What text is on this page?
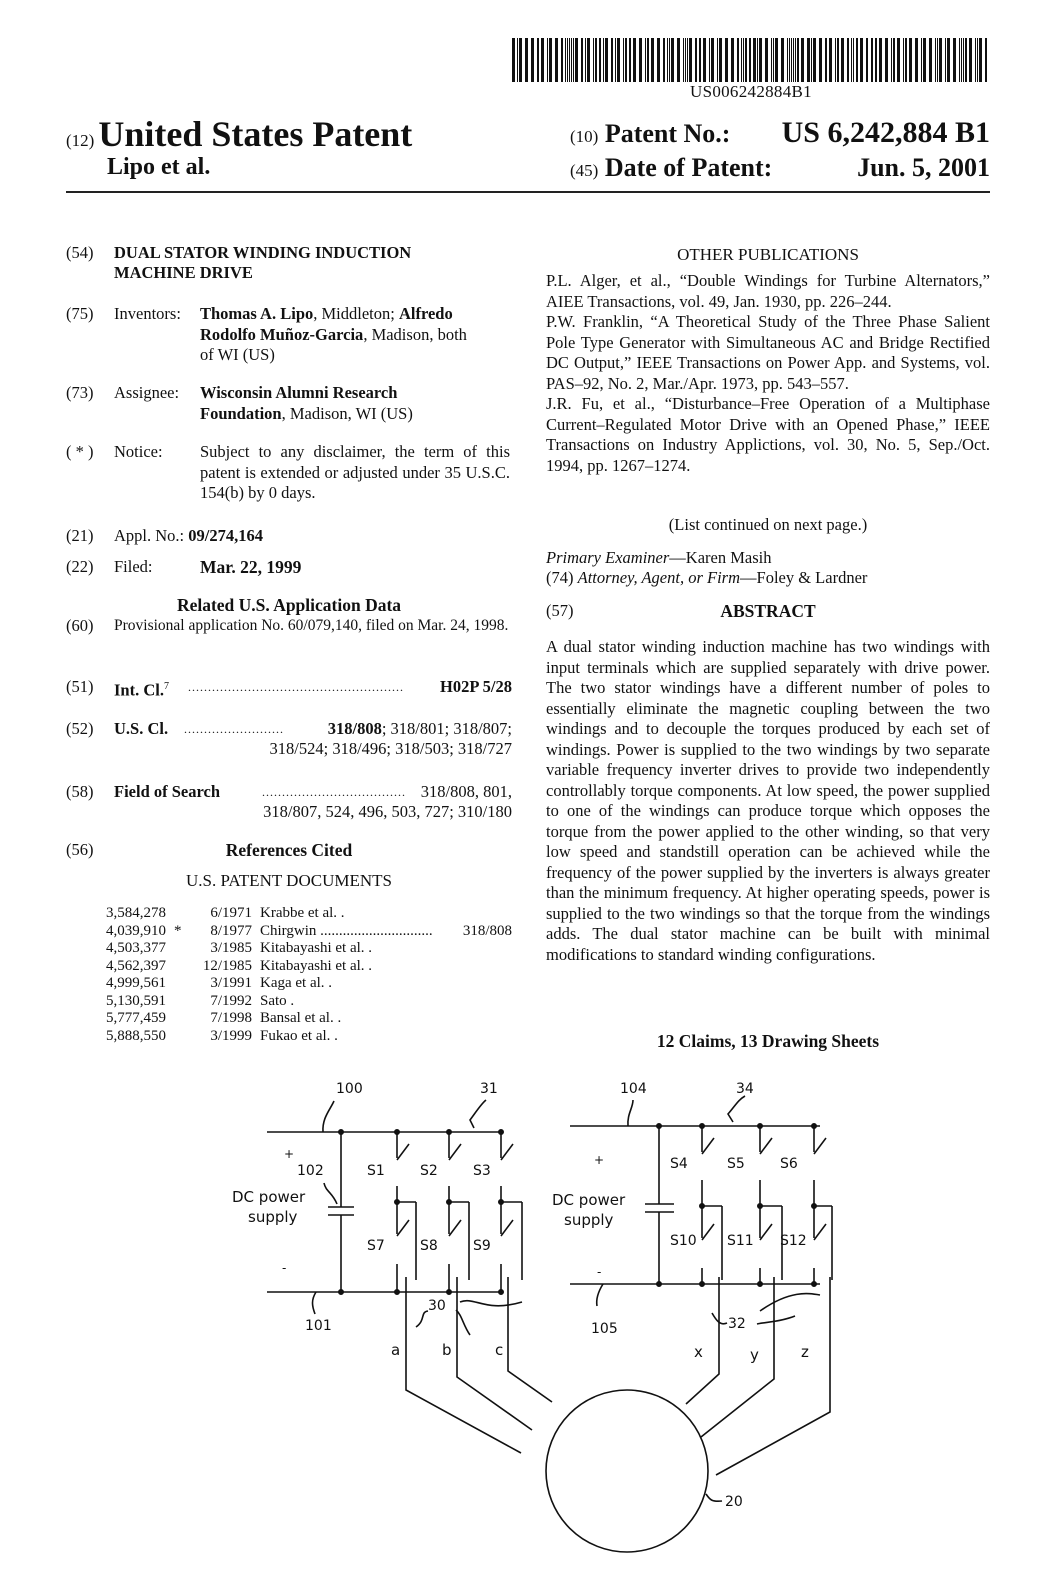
US006242884B1
(12) United States Patent
Lipo et al.
(10) Patent No.: US 6,242,884 B1
(45) Date of Patent:	Jun. 5, 2001
(54) DUAL STATOR WINDING INDUCTION
MACHINE DRIVE
(75) Inventors: Thomas A. Lipo, Middleton; Alfredo
Rodolfo Muñoz-Garcia, Madison, both
of WI (US)
(73) Assignee: Wisconsin Alumni Research
Foundation, Madison, WI (US)
( * ) Notice: Subject to any disclaimer, the term of this patent is extended or adjusted under 35 U.S.C. 154(b) by 0 days.
(21) Appl. No.: 09/274,164
(22) Filed:	Mar. 22, 1999
Related U.S. Application Data
(60) Provisional application No. 60/079,140, filed on Mar. 24, 1998.
(51) Int. Cl.$^7$ ...................................................... H02P 5/28
(52) U.S. Cl. .........................	318/808; 318/801; 318/807;
318/524; 318/496; 318/503; 318/727
(58) Field of Search	.................................... 318/808, 801,
318/807, 524, 496, 503, 727; 310/180
(56)	References Cited
U.S. PATENT DOCUMENTS
3,584,278	6/1971 Krabbe et al. .
4,039,910 *	8/1977 Chirgwin .............................. 318/808
4,503,377	3/1985 Kitabayashi et al. .
4,562,397	12/1985 Kitabayashi et al. .
4,999,561	3/1991 Kaga et al. .
5,130,591	7/1992 Sato .
5,777,459	7/1998 Bansal et al. .
5,888,550	3/1999 Fukao et al. .
OTHER PUBLICATIONS
P.L. Alger, et al., “Double Windings for Turbine Alternators,” AIEE Transactions, vol. 49, Jan. 1930, pp. 226–244.
P.W. Franklin, “A Theoretical Study of the Three Phase Salient Pole Type Generator with Simultaneous AC and Bridge Rectified DC Output,” IEEE Transactions on Power App. and Systems, vol. PAS–92, No. 2, Mar./Apr. 1973, pp. 543–557.
J.R. Fu, et al., “Disturbance–Free Operation of a Multiphase Current–Regulated Motor Drive with an Opened Phase,” IEEE Transactions on Industry Applictions, vol. 30, No. 5, Sep./Oct. 1994, pp. 1267–1274.
(List continued on next page.)
Primary Examiner—Karen Masih
(74) Attorney, Agent, or Firm—Foley & Lardner
(57)	ABSTRACT
A dual stator winding induction machine has two windings with input terminals which are supplied separately with drive power. The two stator windings have a different number of poles to essentially eliminate the magnetic coupling between the two windings and to decouple the torques produced by each set of windings. Power is supplied to the two windings by two separate variable frequency inverter drives to provide two independently controllably torque components. At low speed, the power supplied to one of the windings can produce torque which opposes the torque from the power applied to the other winding, so that very low speed and standstill operation can be achieved while the frequency of the power supplied by the inverters is always greater than the minimum frequency. At higher operating speeds, power is supplied to the two windings so that the torque from the windings adds. The dual stator machine can be built with minimal modifications to standard winding configurations.
12 Claims, 13 Drawing Sheets
100	31
+
102
DC power
supply
-
101
S1	S2	S3
S7	S8	S9
30
a	b	c
104	34
+
DC power
supply
-
105
S4	S5	S6
S10 S11 S12
32
x	y	z
20
